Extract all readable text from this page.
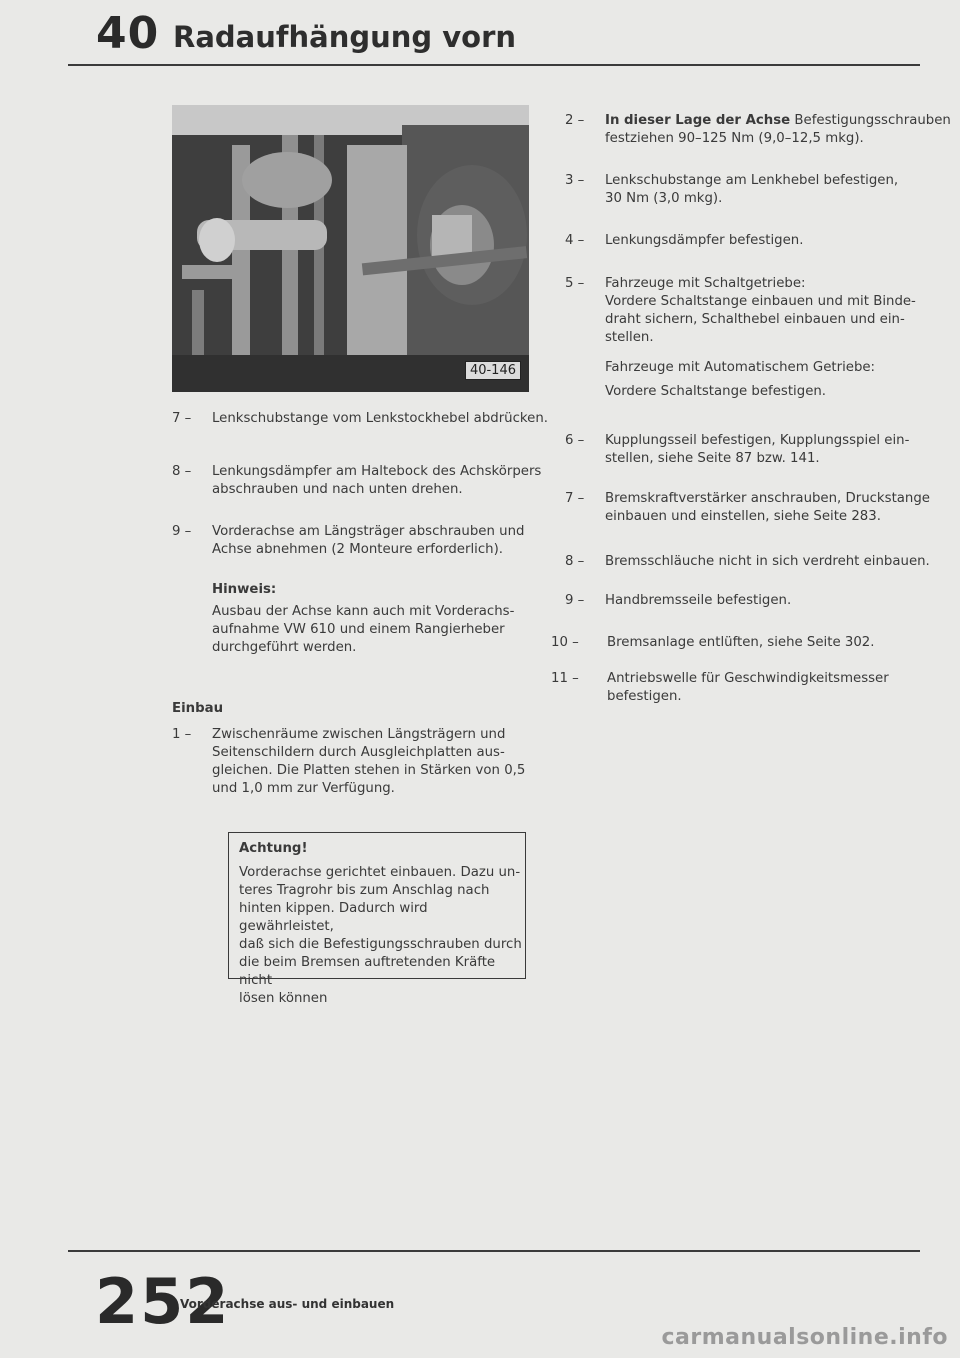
40 Radaufhängung vorn
40-146
7 –	Lenkschubstange vom Lenkstockhebel abdrücken.
8 –	Lenkungsdämpfer am Haltebock des Achskörpers
abschrauben und nach unten drehen.
9 –	Vorderachse am Längsträger abschrauben und
Achse abnehmen (2 Monteure erforderlich).
Hinweis:
Ausbau der Achse kann auch mit Vorderachs-
aufnahme VW 610 und einem Rangierheber
durchgeführt werden.
Einbau
1 –	Zwischenräume zwischen Längsträgern und
Seitenschildern durch Ausgleichplatten aus-
gleichen. Die Platten stehen in Stärken von 0,5
und 1,0 mm zur Verfügung.
Achtung!
Vorderachse gerichtet einbauen. Dazu un-
teres Tragrohr bis zum Anschlag nach
hinten kippen. Dadurch wird gewährleistet,
daß sich die Befestigungsschrauben durch
die beim Bremsen auftretenden Kräfte nicht
lösen können
2 –	In dieser Lage der Achse Befestigungsschrauben
festziehen 90–125 Nm (9,0–12,5 mkg).
3 –	Lenkschubstange am Lenkhebel befestigen,
30 Nm (3,0 mkg).
4 –	Lenkungsdämpfer befestigen.
5 –	Fahrzeuge mit Schaltgetriebe:
Vordere Schaltstange einbauen und mit Binde-
draht sichern, Schalthebel einbauen und ein-
stellen.
Fahrzeuge mit Automatischem Getriebe:
Vordere Schaltstange befestigen.
6 –	Kupplungsseil befestigen, Kupplungsspiel ein-
stellen, siehe Seite 87 bzw. 141.
7 –	Bremskraftverstärker anschrauben, Druckstange
einbauen und einstellen, siehe Seite 283.
8 –	Bremsschläuche nicht in sich verdreht einbauen.
9 –	Handbremsseile befestigen.
10 –	Bremsanlage entlüften, siehe Seite 302.
11 –	Antriebswelle für Geschwindigkeitsmesser
befestigen.
252
Vorderachse aus- und einbauen
carmanualsonline.info
